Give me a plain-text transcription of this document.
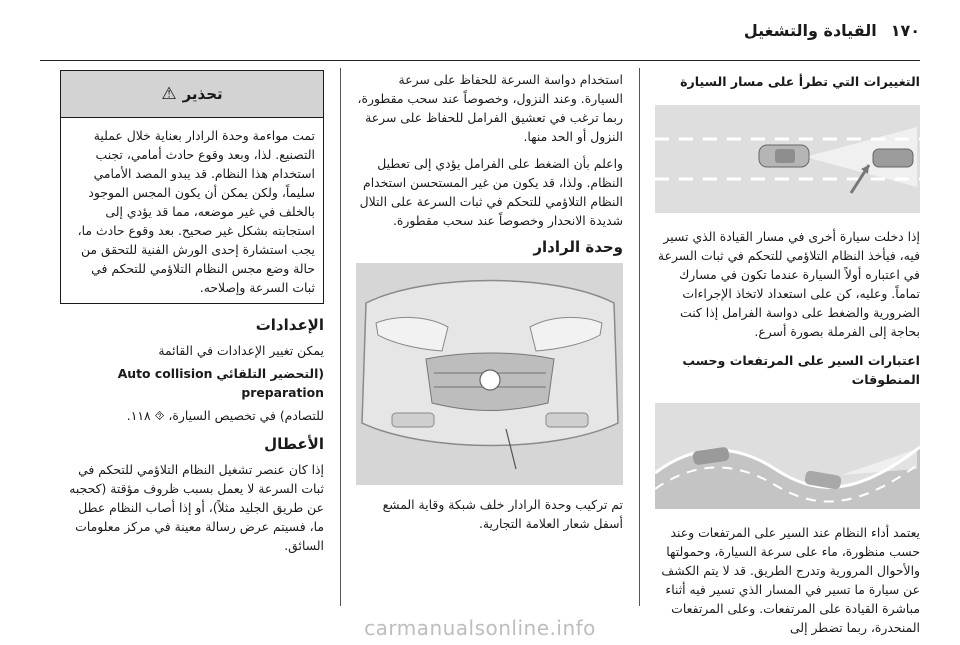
١٧٠
القيادة والتشغيل
التغييرات التي تطرأ على مسار السيارة

إذا دخلت سيارة أخرى في مسار القيادة الذي تسير فيه، فيأخذ النظام التلاؤمي للتحكم في ثبات السرعة في اعتباره أولاً السيارة عندما تكون في مسارك تماماً. وعليه، كن على استعداد لاتخاذ الإجراءات الضرورية والضغط على دواسة الفرامل إذا كنت بحاجة إلى الفرملة بصورة أسرع.

اعتبارات السير على المرتفعات وحسب المنطوقات

يعتمد أداء النظام عند السير على المرتفعات وعند حسب منظورة، ماء على سرعة السيارة، وحمولتها والأحوال المرورية وتدرج الطريق. قد لا يتم الكشف عن سيارة ما تسير في المسار الذي تسير فيه أثناء مباشرة القيادة على المرتفعات. وعلى المرتفعات المنحدرة، ربما تضطر إلى

استخدام دواسة السرعة للحفاظ على سرعة السيارة. وعند النزول، وخصوصاً عند سحب مقطورة، ربما ترغب في تعشيق الفرامل للحفاظ على سرعة النزول أو الحد منها.

واعلم بأن الضغط على الفرامل يؤدي إلى تعطيل النظام. ولذا، قد يكون من غير المستحسن استخدام النظام التلاؤمي للتحكم في ثبات السرعة على التلال شديدة الانحدار وخصوصاً عند سحب مقطورة.

وحدة الرادار

تم تركيب وحدة الرادار خلف شبكة وقاية المشع أسفل شعار العلامة التجارية.

تحذير
⚠
تمت مواءمة وحدة الرادار بعناية خلال عملية التصنيع. لذا، وبعد وقوع حادث أمامي، تجنب استخدام هذا النظام. قد يبدو المصد الأمامي سليماً، ولكن يمكن أن يكون المجس الموجود بالخلف في غير موضعه، مما قد يؤدي إلى استجابته بشكل غير صحيح. بعد وقوع حادث ما، يجب استشارة إحدى الورش الفنية للتحقق من حالة وضع مجس النظام التلاؤمي للتحكم في ثبات السرعة وإصلاحه.
الإعدادات

يمكن تغيير الإعدادات في القائمة

(التحضير التلقائي Auto collision preparation

للتصادم) في تخصيص السيارة، ⯑ ١١٨.

الأعطال

إذا كان عنصر تشغيل النظام التلاؤمي للتحكم في ثبات السرعة لا يعمل بسبب ظروف مؤقتة (كحجبه عن طريق الجليد مثلاً)، أو إذا أصاب النظام عطل ما، فسيتم عرض رسالة معينة في مركز معلومات السائق.

carmanualsonline.info
